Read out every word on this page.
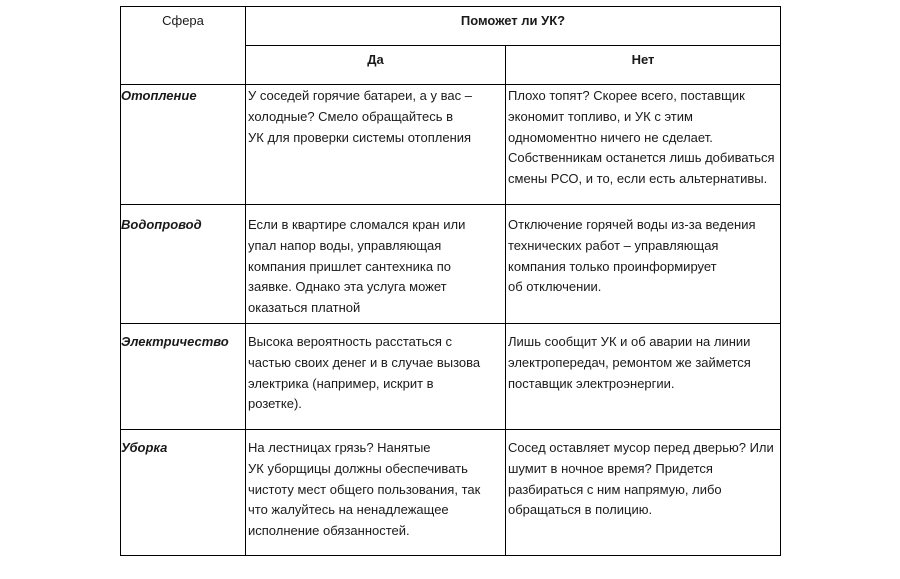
Сфера	Поможет ли УК?	
	Да	Нет
Отопление	У соседей горячие батареи, а у вас –
холодные? Смело обращайтесь в
УК для проверки системы отопления	Плохо топят? Скорее всего, поставщик
экономит топливо, и УК с этим
одномоментно ничего не сделает.
Собственникам останется лишь добиваться
смены РСО, и то, если есть альтернативы.
Водопровод	Если в квартире сломался кран или
упал напор воды, управляющая
компания пришлет сантехника по
заявке. Однако эта услуга может
оказаться платной	Отключение горячей воды из-за ведения
технических работ – управляющая
компания только проинформирует
об отключении.
Электричество	Высока вероятность расстаться с
частью своих денег и в случае вызова
электрика (например, искрит в
розетке).	Лишь сообщит УК и об аварии на линии
электропередач, ремонтом же займется
поставщик электроэнергии.
Уборка	На лестницах грязь? Нанятые
УК уборщицы должны обеспечивать
чистоту мест общего пользования, так
что жалуйтесь на ненадлежащее
исполнение обязанностей.	Сосед оставляет мусор перед дверью? Или
шумит в ночное время? Придется
разбираться с ним напрямую, либо
обращаться в полицию.
